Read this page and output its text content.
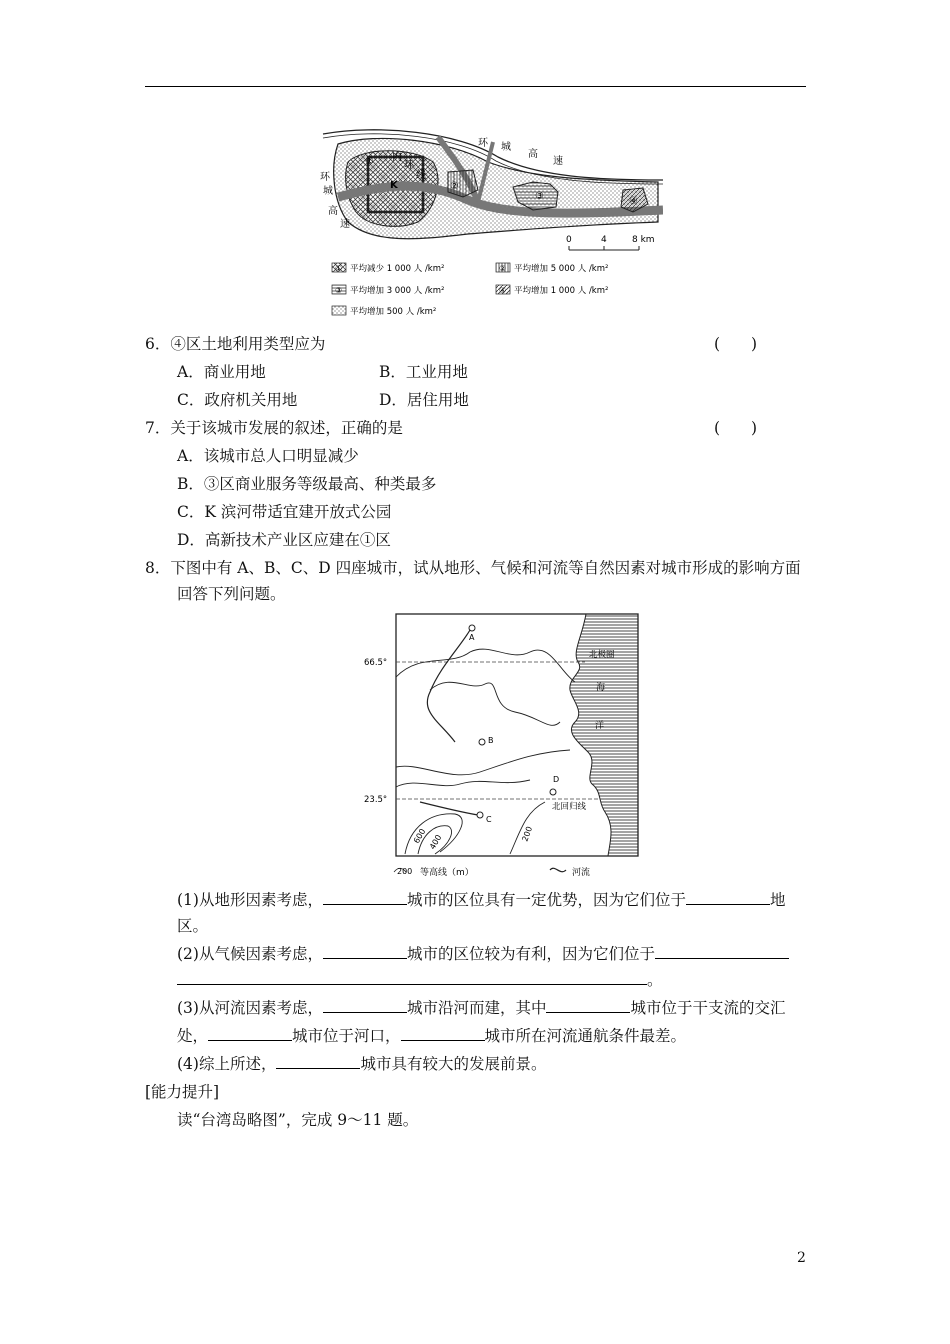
环 城
高
速
环
城
高
速
内
环
线
①
K	②
③	④
0	4	8 km
① 平均减少 1 000 人 /km²	② 平均增加 5 000 人 /km²
③ 平均增加 3 000 人 /km²	④ 平均增加 1 000 人 /km²
平均增加 500 人 /km²
6．④区土地利用类型应为	(　　)
A．商业用地	B．工业用地
C．政府机关用地	D．居住用地
7．关于该城市发展的叙述，正确的是	(　　)
A．该城市总人口明显减少
B．③区商业服务等级最高、种类最多
C．K 滨河带适宜建开放式公园
D．高新技术产业区应建在①区
8．下图中有 A、B、C、D 四座城市，试从地形、气候和河流等自然因素对城市形成的影响方面
回答下列问题。
A
B
C
D
66.5°
23.5°
北极圈
北回归线
海
洋
200
400
600
200 等高线（m）	河流
(1)从地形因素考虑，	城市的区位具有一定优势，因为它们位于	地
区。
(2)从气候因素考虑，	城市的区位较为有利，因为它们位于
。
(3)从河流因素考虑，	城市沿河而建，其中	城市位于干支流的交汇
处，	城市位于河口，	城市所在河流通航条件最差。
(4)综上所述，	城市具有较大的发展前景。
[能力提升]
读“台湾岛略图”，完成 9～11 题。
2
